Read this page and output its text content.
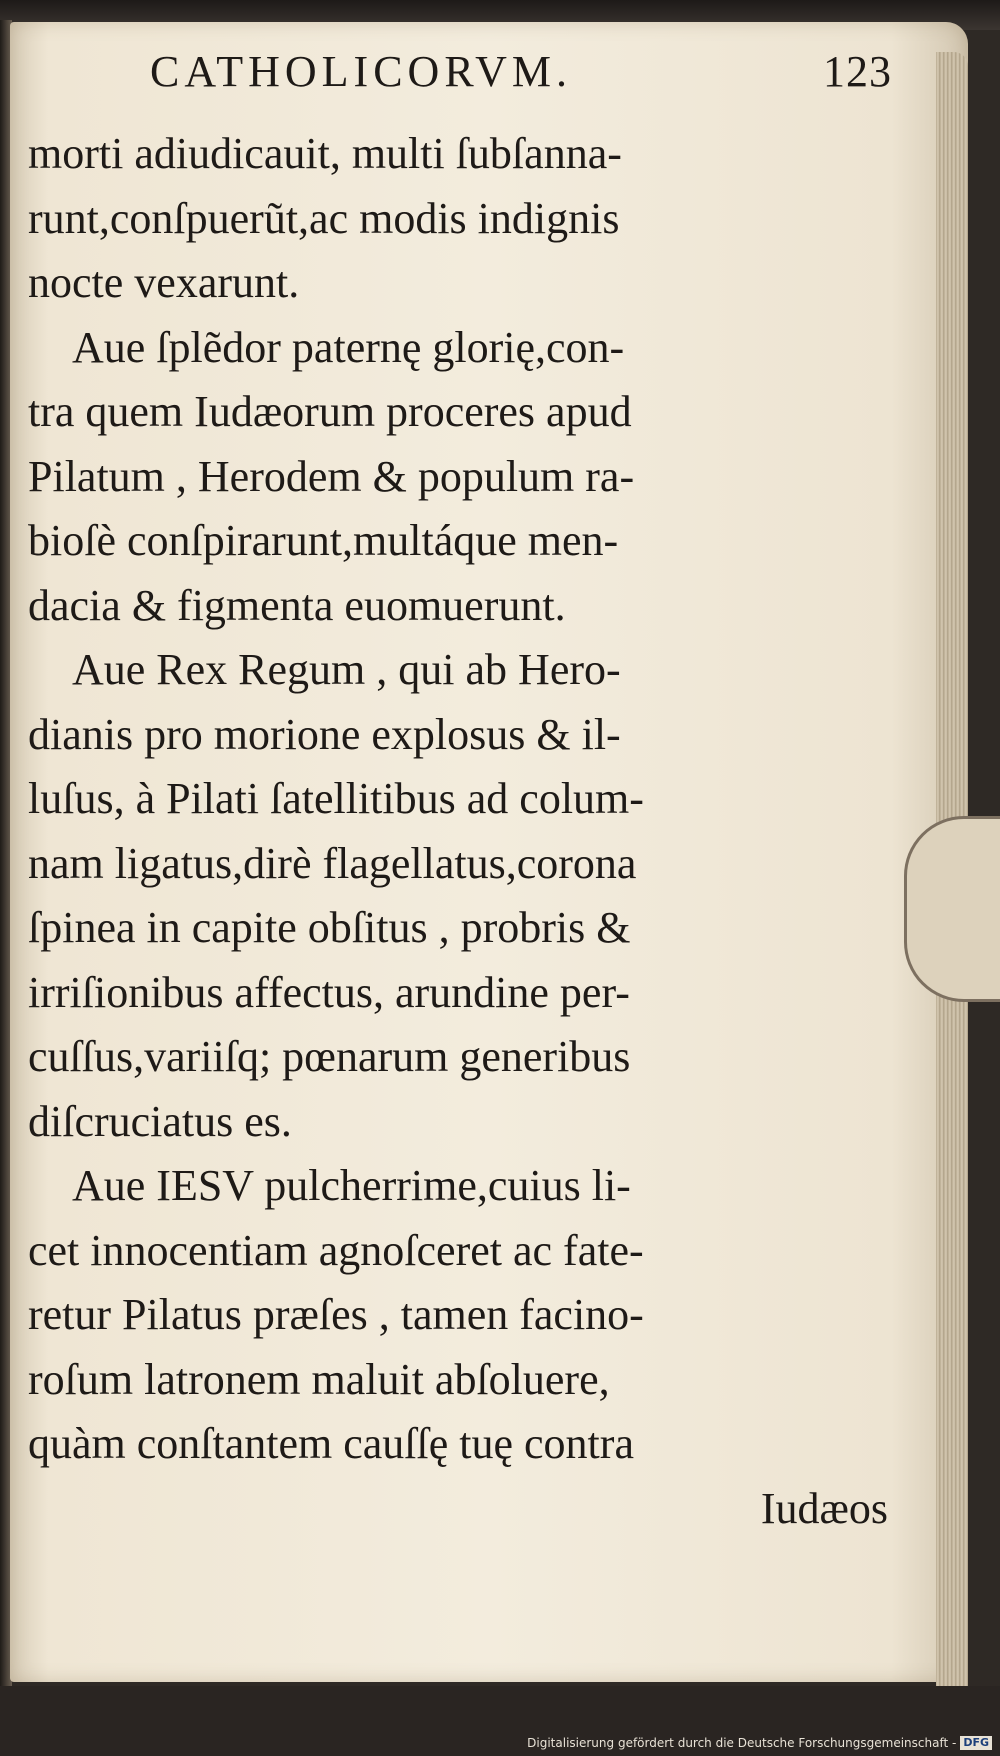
CATHOLICORVM.	123
morti adiudicauit, multi ſubſanna-
runt,conſpuerũt,ac modis indignis
nocte vexarunt.
Aue ſplẽdor paternę glorię,con-
tra quem Iudæorum proceres apud
Pilatum , Herodem & populum ra-
bioſè conſpirarunt,multáque men-
dacia & figmenta euomuerunt.
Aue Rex Regum , qui ab Hero-
dianis pro morione explosus & il-
luſus, à Pilati ſatellitibus ad colum-
nam ligatus,dirè flagellatus,corona
ſpinea in capite obſitus , probris &
irriſionibus affectus, arundine per-
cuſſus,variiſq; pœnarum generibus
diſcruciatus es.
Aue IESV pulcherrime,cuius li-
cet innocentiam agnoſceret ac fate-
retur Pilatus præſes , tamen facino-
roſum latronem maluit abſoluere,
quàm conſtantem cauſſę tuę contra
Iudæos
Digitalisierung gefördert durch die Deutsche Forschungsgemeinschaft - DFG
